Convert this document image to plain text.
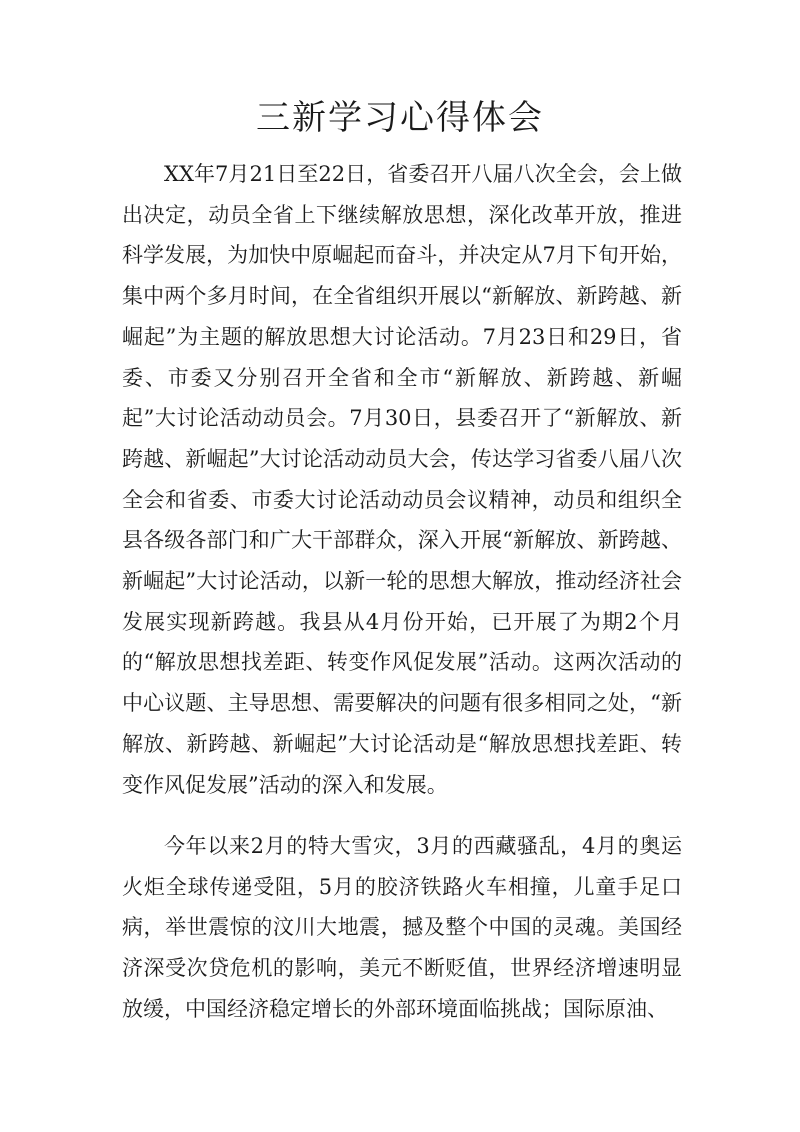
三新学习心得体会

XX年7月21日至22日，省委召开八届八次全会，会上做出决定，动员全省上下继续解放思想，深化改革开放，推进科学发展，为加快中原崛起而奋斗，并决定从7月下旬开始，集中两个多月时间，在全省组织开展以“新解放、新跨越、新崛起”为主题的解放思想大讨论活动。7月23日和29日，省委、市委又分别召开全省和全市“新解放、新跨越、新崛起”大讨论活动动员会。7月30日，县委召开了“新解放、新跨越、新崛起”大讨论活动动员大会，传达学习省委八届八次全会和省委、市委大讨论活动动员会议精神，动员和组织全县各级各部门和广大干部群众，深入开展“新解放、新跨越、新崛起”大讨论活动，以新一轮的思想大解放，推动经济社会发展实现新跨越。我县从4月份开始，已开展了为期2个月的“解放思想找差距、转变作风促发展”活动。这两次活动的中心议题、主导思想、需要解决的问题有很多相同之处，“新解放、新跨越、新崛起”大讨论活动是“解放思想找差距、转变作风促发展”活动的深入和发展。

今年以来2月的特大雪灾，3月的西藏骚乱，4月的奥运火炬全球传递受阻，5月的胶济铁路火车相撞，儿童手足口病，举世震惊的汶川大地震，撼及整个中国的灵魂。美国经济深受次贷危机的影响，美元不断贬值，世界经济增速明显放缓，中国经济稳定增长的外部环境面临挑战；国际原油、
